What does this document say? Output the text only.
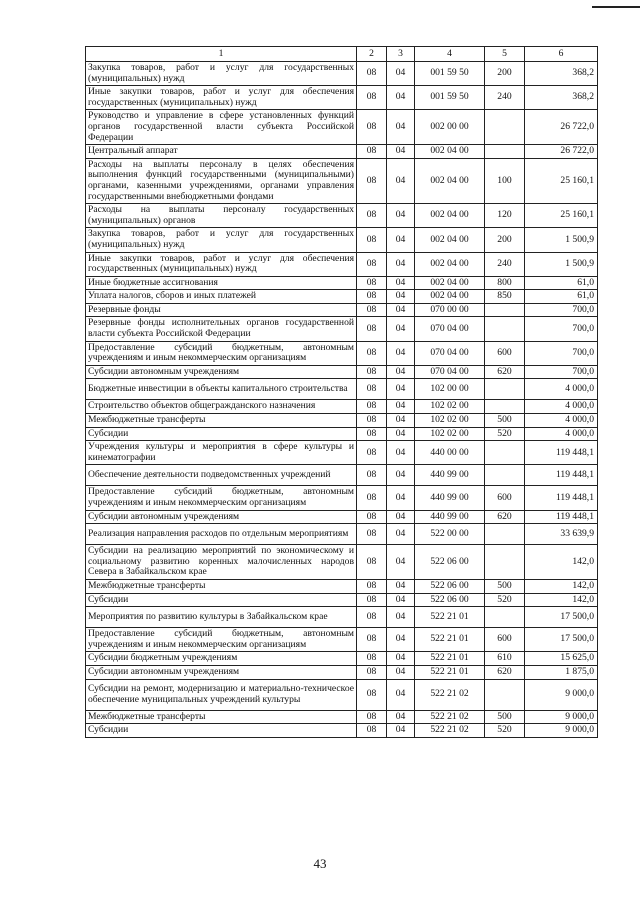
1	2	3	4	5	6
Закупка товаров, работ и услуг для государственных (муниципальных) нужд	08	04	001 59 50	200	368,2
Иные закупки товаров, работ и услуг для обеспечения государственных (муниципальных) нужд	08	04	001 59 50	240	368,2
Руководство и управление в сфере установленных функций органов государственной власти субъекта Российской Федерации	08	04	002 00 00		26 722,0
Центральный аппарат	08	04	002 04 00		26 722,0
Расходы на выплаты персоналу в целях обеспечения выполнения функций государственными (муниципальными) органами, казенными учреждениями, органами управления государственными внебюджетными фондами	08	04	002 04 00	100	25 160,1
Расходы на выплаты персоналу государственных (муниципальных) органов	08	04	002 04 00	120	25 160,1
Закупка товаров, работ и услуг для государственных (муниципальных) нужд	08	04	002 04 00	200	1 500,9
Иные закупки товаров, работ и услуг для обеспечения государственных (муниципальных) нужд	08	04	002 04 00	240	1 500,9
Иные бюджетные ассигнования	08	04	002 04 00	800	61,0
Уплата налогов, сборов и иных платежей	08	04	002 04 00	850	61,0
Резервные фонды	08	04	070 00 00		700,0
Резервные фонды исполнительных органов государственной власти субъекта Российской Федерации	08	04	070 04 00		700,0
Предоставление субсидий бюджетным, автономным учреждениям и иным некоммерческим организациям	08	04	070 04 00	600	700,0
Субсидии автономным учреждениям	08	04	070 04 00	620	700,0
Бюджетные инвестиции в объекты капитального строительства	08	04	102 00 00		4 000,0
Строительство объектов общегражданского назначения	08	04	102 02 00		4 000,0
Межбюджетные трансферты	08	04	102 02 00	500	4 000,0
Субсидии	08	04	102 02 00	520	4 000,0
Учреждения культуры и мероприятия в сфере культуры и кинематографии	08	04	440 00 00		119 448,1
Обеспечение деятельности подведомственных учреждений	08	04	440 99 00		119 448,1
Предоставление субсидий бюджетным, автономным учреждениям и иным некоммерческим организациям	08	04	440 99 00	600	119 448,1
Субсидии автономным учреждениям	08	04	440 99 00	620	119 448,1
Реализация направления расходов по отдельным мероприятиям	08	04	522 00 00		33 639,9
Субсидии на реализацию мероприятий по экономическому и социальному развитию коренных малочисленных народов Севера в Забайкальском крае	08	04	522 06 00		142,0
Межбюджетные трансферты	08	04	522 06 00	500	142,0
Субсидии	08	04	522 06 00	520	142,0
Мероприятия по развитию культуры в Забайкальском крае	08	04	522 21 01		17 500,0
Предоставление субсидий бюджетным, автономным учреждениям и иным некоммерческим организациям	08	04	522 21 01	600	17 500,0
Субсидии бюджетным учреждениям	08	04	522 21 01	610	15 625,0
Субсидии автономным учреждениям	08	04	522 21 01	620	1 875,0
Субсидии на ремонт, модернизацию и материально-техническое обеспечение муниципальных учреждений культуры	08	04	522 21 02		9 000,0
Межбюджетные трансферты	08	04	522 21 02	500	9 000,0
Субсидии	08	04	522 21 02	520	9 000,0
43
